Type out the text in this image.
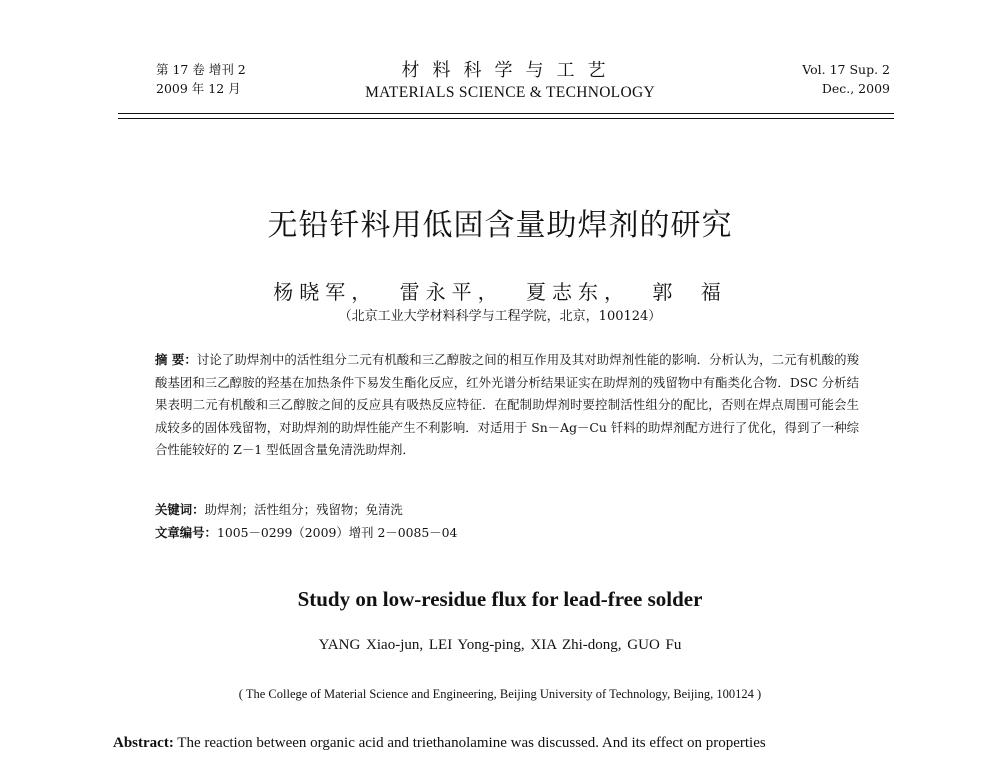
第 17 卷 增刊 2
2009 年 12 月
材料科学与工艺
MATERIALS SCIENCE & TECHNOLOGY
Vol. 17 Sup. 2
Dec., 2009
无铅钎料用低固含量助焊剂的研究
杨晓军， 雷永平， 夏志东， 郭 福
（北京工业大学材料科学与工程学院，北京，100124）
摘 要：讨论了助焊剂中的活性组分二元有机酸和三乙醇胺之间的相互作用及其对助焊剂性能的影响．分析认为，二元有机酸的羧酸基团和三乙醇胺的羟基在加热条件下易发生酯化反应，红外光谱分析结果证实在助焊剂的残留物中有酯类化合物．DSC 分析结果表明二元有机酸和三乙醇胺之间的反应具有吸热反应特征．在配制助焊剂时要控制活性组分的配比，否则在焊点周围可能会生成较多的固体残留物，对助焊剂的助焊性能产生不利影响．对适用于 Sn－Ag－Cu 钎料的助焊剂配方进行了优化，得到了一种综合性能较好的 Z－1 型低固含量免清洗助焊剂．
关键词：助焊剂；活性组分；残留物；免清洗
文章编号：1005－0299（2009）增刊 2－0085－04
Study on low-residue flux for lead-free solder
YANG Xiao-jun, LEI Yong-ping, XIA Zhi-dong, GUO Fu
( The College of Material Science and Engineering, Beijing University of Technology, Beijing, 100124 )
Abstract: The reaction between organic acid and triethanolamine was discussed. And its effect on properties
